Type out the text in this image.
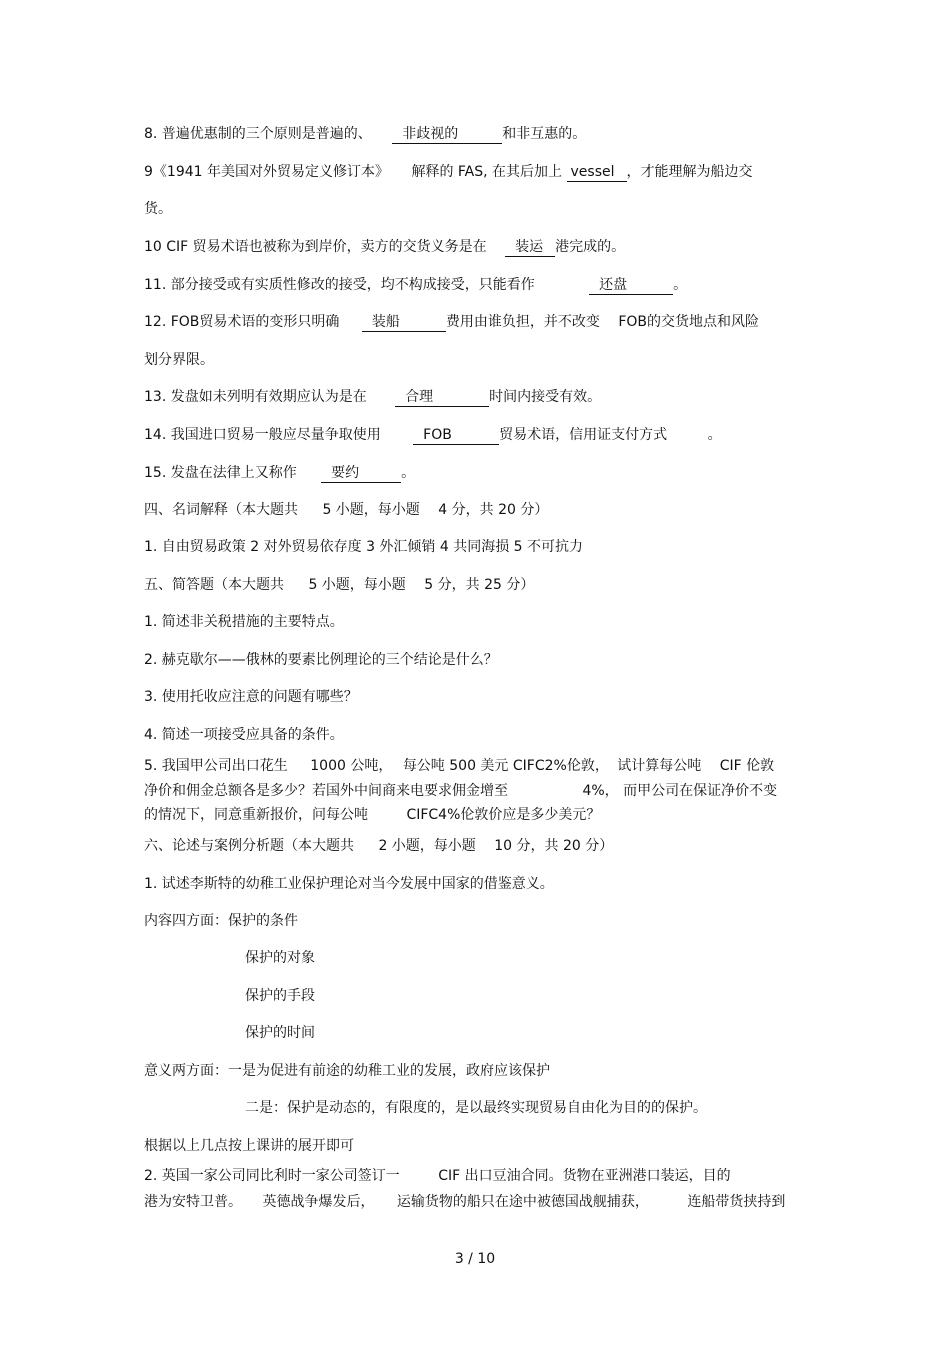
8. 普遍优惠制的三个原则是普遍的、 非歧视的	和非互惠的。
9《1941 年美国对外贸易定义修订本》 解释的 FAS, 在其后加上 vessel ，才能理解为船边交
货。
10 CIF 贸易术语也被称为到岸价，卖方的交货义务是在 装运 港完成的。
11. 部分接受或有实质性修改的接受，均不构成接受，只能看作	还盘	。
12. FOB贸易术语的变形只明确 装船	费用由谁负担，并不改变 FOB的交货地点和风险
划分界限。
13. 发盘如未列明有效期应认为是在	合理	时间内接受有效。
14. 我国进口贸易一般应尽量争取使用	FOB	贸易术语，信用证支付方式	。
15. 发盘在法律上又称作 要约	。
四、名词解释（本大题共 5 小题，每小题 4 分，共 20 分）
1. 自由贸易政策 2 对外贸易依存度 3 外汇倾销 4 共同海损 5 不可抗力
五、简答题（本大题共 5 小题，每小题 5 分，共 25 分）
1. 简述非关税措施的主要特点。
2. 赫克歇尔——俄林的要素比例理论的三个结论是什么？
3. 使用托收应注意的问题有哪些？
4. 简述一项接受应具备的条件。
5. 我国甲公司出口花生 1000 公吨， 每公吨 500 美元 CIFC2%伦敦， 试计算每公吨 CIF 伦敦
净价和佣金总额各是多少？若国外中间商来电要求佣金增至	4%， 而甲公司在保证净价不变
的情况下，同意重新报价，问每公吨	CIFC4%伦敦价应是多少美元？
六、论述与案例分析题（本大题共 2 小题，每小题 10 分，共 20 分）
1. 试述李斯特的幼稚工业保护理论对当今发展中国家的借鉴意义。
内容四方面：保护的条件
保护的对象
保护的手段
保护的时间
意义两方面：一是为促进有前途的幼稚工业的发展，政府应该保护
二是：保护是动态的，有限度的，是以最终实现贸易自由化为目的的保护。
根据以上几点按上课讲的展开即可
2. 英国一家公司同比利时一家公司签订一	CIF 出口豆油合同。货物在亚洲港口装运，目的
港为安特卫普。 英德战争爆发后， 运输货物的船只在途中被德国战舰捕获，	连船带货挟持到
3 / 10
